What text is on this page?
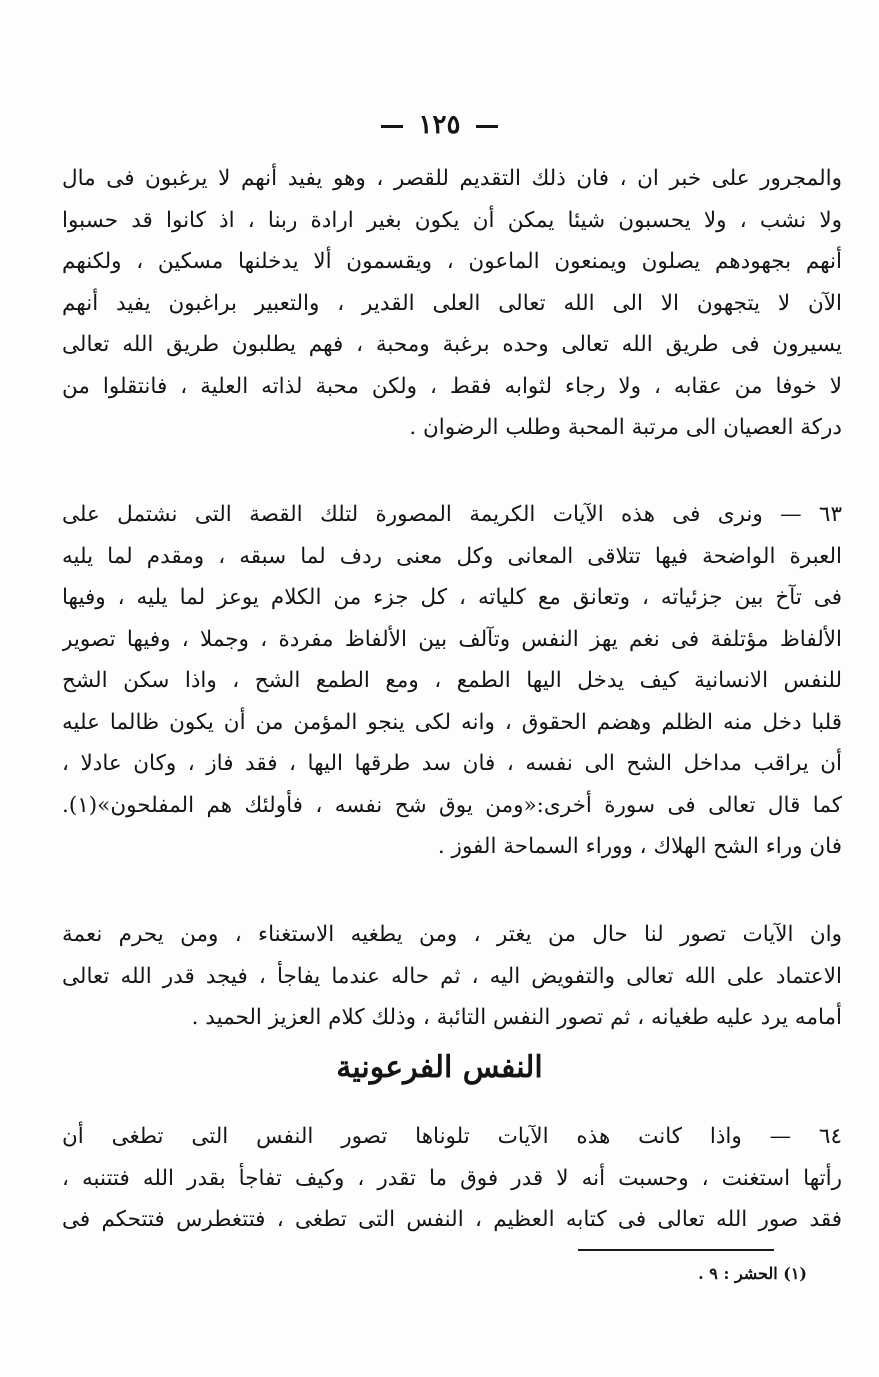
١٢٥
والمجرور على خبر ان ، فان ذلك التقديم للقصر ، وهو يفيد أنهم لا يرغبون فى مال
ولا نشب ، ولا يحسبون شيئا يمكن أن يكون بغير ارادة ربنا ، اذ كانوا قد حسبوا
أنهم بجهودهم يصلون ويمنعون الماعون ، ويقسمون ألا يدخلنها مسكين ، ولكنهم
الآن لا يتجهون الا الى الله تعالى العلى القدير ، والتعبير براغبون يفيد أنهم
يسيرون فى طريق الله تعالى وحده برغبة ومحبة ، فهم يطلبون طريق الله تعالى
لا خوفا من عقابه ، ولا رجاء لثوابه فقط ، ولكن محبة لذاته العلية ، فانتقلوا من
دركة العصيان الى مرتبة المحبة وطلب الرضوان .
٦٣ — ونرى فى هذه الآيات الكريمة المصورة لتلك القصة التى نشتمل على
العبرة الواضحة فيها تتلاقى المعانى وكل معنى ردف لما سبقه ، ومقدم لما يليه
فى تآخ بين جزئياته ، وتعانق مع كلياته ، كل جزء من الكلام يوعز لما يليه ، وفيها
الألفاظ مؤتلفة فى نغم يهز النفس وتآلف بين الألفاظ مفردة ، وجملا ، وفيها تصوير
للنفس الانسانية كيف يدخل اليها الطمع ، ومع الطمع الشح ، واذا سكن الشح
قلبا دخل منه الظلم وهضم الحقوق ، وانه لكى ينجو المؤمن من أن يكون ظالما عليه
أن يراقب مداخل الشح الى نفسه ، فان سد طرقها اليها ، فقد فاز ، وكان عادلا ،
كما قال تعالى فى سورة أخرى:«ومن يوق شح نفسه ، فأولئك هم المفلحون»(١).
فان وراء الشح الهلاك ، ووراء السماحة الفوز .
وان الآيات تصور لنا حال من يغتر ، ومن يطغيه الاستغناء ، ومن يحرم نعمة
الاعتماد على الله تعالى والتفويض اليه ، ثم حاله عندما يفاجأ ، فيجد قدر الله تعالى
أمامه يرد عليه طغيانه ، ثم تصور النفس التائبة ، وذلك كلام العزيز الحميد .
النفس الفرعونية
٦٤ — واذا كانت هذه الآيات تلوناها تصور النفس التى تطغى أن
رأتها استغنت ، وحسبت أنه لا قدر فوق ما تقدر ، وكيف تفاجأ بقدر الله فتتنبه ،
فقد صور الله تعالى فى كتابه العظيم ، النفس التى تطغى ، فتتغطرس فتتحكم فى
(١) الحشر : ٩ .
